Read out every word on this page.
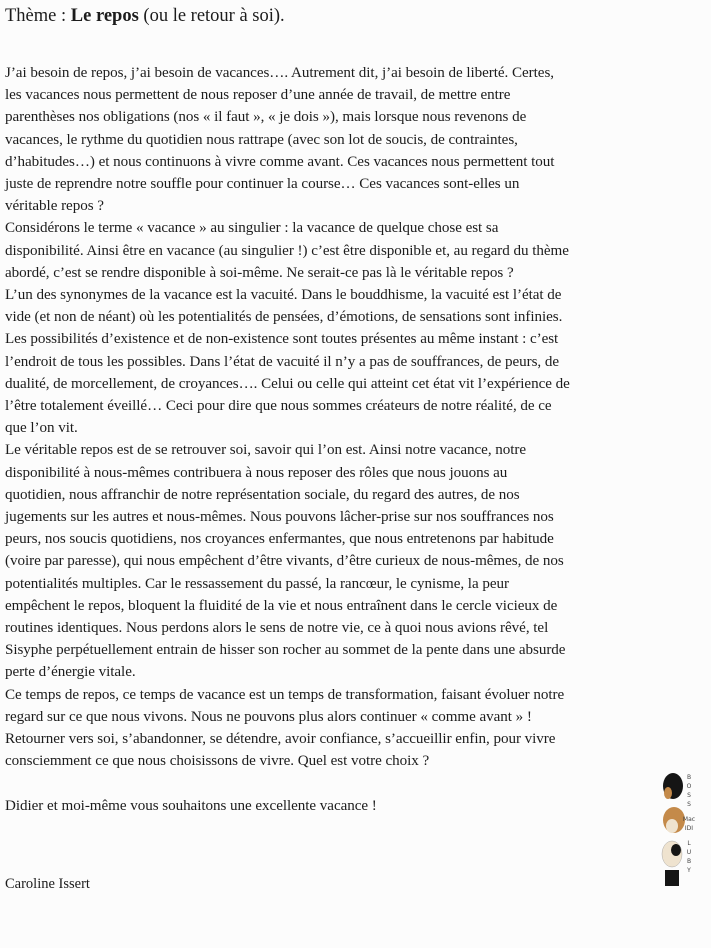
Thème : Le repos (ou le retour à soi).
J’ai besoin de repos, j’ai besoin de vacances…. Autrement dit, j’ai besoin de liberté. Certes,
les vacances nous permettent de nous reposer d’une année de travail, de mettre entre
parenthèses nos obligations (nos « il faut », « je dois »), mais lorsque nous revenons de
vacances, le rythme du quotidien nous rattrape (avec son lot de soucis, de contraintes,
d’habitudes…) et nous continuons à vivre comme avant. Ces vacances nous permettent tout
juste de reprendre notre souffle pour continuer la course… Ces vacances sont-elles un
véritable repos ?
Considérons le terme « vacance » au singulier : la vacance de quelque chose est sa
disponibilité. Ainsi être en vacance (au singulier !) c’est être disponible et, au regard du thème
abordé, c’est se rendre disponible à soi-même. Ne serait-ce pas là le véritable repos ?
L’un des synonymes de la vacance est la vacuité. Dans le bouddhisme, la vacuité est l’état de
vide (et non de néant) où les potentialités de pensées, d’émotions, de sensations sont infinies.
Les possibilités d’existence et de non-existence sont toutes présentes au même instant : c’est
l’endroit de tous les possibles. Dans l’état de vacuité il n’y a pas de souffrances, de peurs, de
dualité, de morcellement, de croyances…. Celui ou celle qui atteint cet état vit l’expérience de
l’être totalement éveillé… Ceci pour dire que nous sommes créateurs de notre réalité, de ce
que l’on vit.
Le véritable repos est de se retrouver soi, savoir qui l’on est. Ainsi notre vacance, notre
disponibilité à nous-mêmes contribuera à nous reposer des rôles que nous jouons au
quotidien, nous affranchir de notre représentation sociale, du regard des autres, de nos
jugements sur les autres et nous-mêmes. Nous pouvons lâcher-prise sur nos souffrances nos
peurs, nos soucis quotidiens, nos croyances enfermantes, que nous entretenons par habitude
(voire par paresse), qui nous empêchent d’être vivants, d’être curieux de nous-mêmes, de nos
potentialités multiples. Car le ressassement du passé, la rancœur, le cynisme, la peur
empêchent le repos, bloquent la fluidité de la vie et nous entraînent dans le cercle vicieux de
routines identiques. Nous perdons alors le sens de notre vie, ce à quoi nous avions rêvé, tel
Sisyphe perpétuellement entrain de hisser son rocher au sommet de la pente dans une absurde
perte d’énergie vitale.
Ce temps de repos, ce temps de vacance est un temps de transformation, faisant évoluer notre
regard sur ce que nous vivons. Nous ne pouvons plus alors continuer « comme avant » !
Retourner vers soi, s’abandonner, se détendre, avoir confiance, s’accueillir enfin, pour vivre
consciemment ce que nous choisissons de vivre. Quel est votre choix ?
Didier et moi-même vous souhaitons une excellente vacance !
Caroline Issert
B
O
S
S
Mac
IDI
L
U
B
Y
